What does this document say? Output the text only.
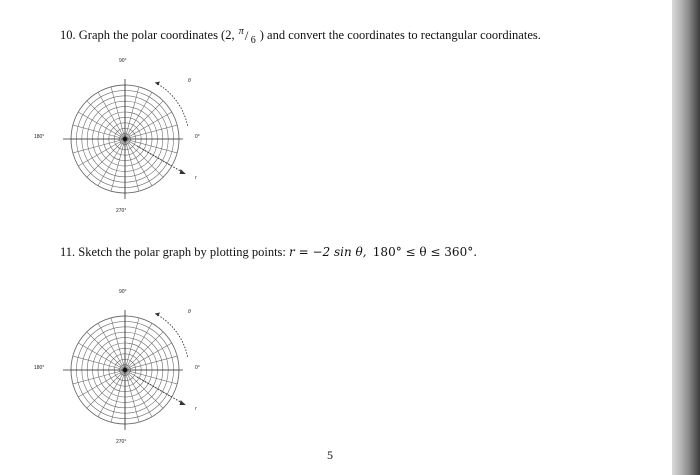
10. Graph the polar coordinates (2, π / 6 ) and convert the coordinates to rectangular coordinates.
90°
180°	0°
270°
θ
r
11. Sketch the polar graph by plotting points: r = −2 sin θ, 180° ≤ θ ≤ 360°.
90°
180°	0°
270°
θ
r
5
